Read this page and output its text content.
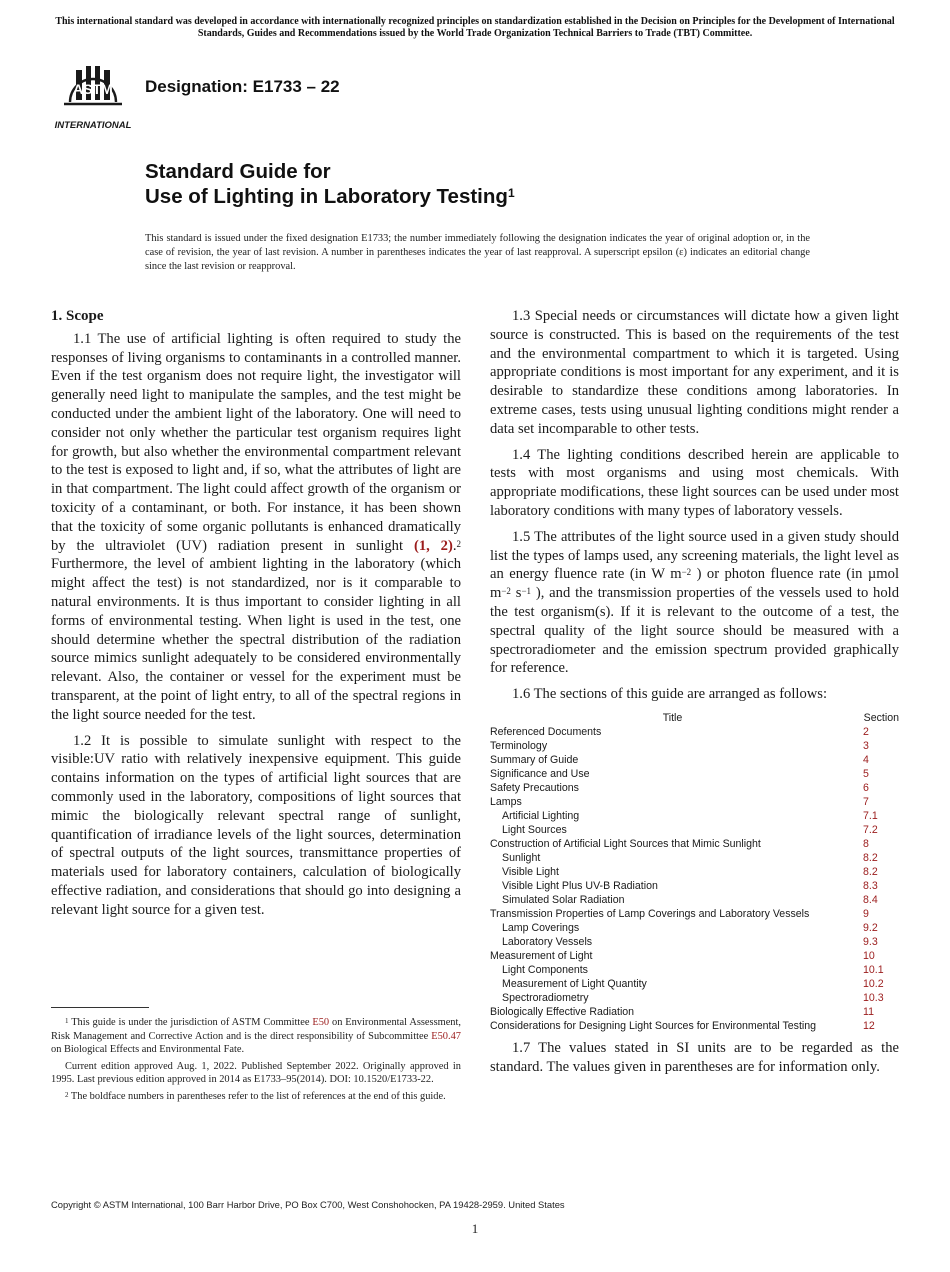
This international standard was developed in accordance with internationally recognized principles on standardization established in the Decision on Principles for the Development of International Standards, Guides and Recommendations issued by the World Trade Organization Technical Barriers to Trade (TBT) Committee.
ASTM
INTERNATIONAL
Designation: E1733 – 22
Standard Guide for
Use of Lighting in Laboratory Testing$^1$
This standard is issued under the fixed designation E1733; the number immediately following the designation indicates the year of original adoption or, in the case of revision, the year of last revision. A number in parentheses indicates the year of last reapproval. A superscript epsilon (ε) indicates an editorial change since the last revision or reapproval.
1. Scope

1.1 The use of artificial lighting is often required to study the responses of living organisms to contaminants in a controlled manner. Even if the test organism does not require light, the investigator will generally need light to manipulate the samples, and the test might be conducted under the ambient light of the laboratory. One will need to consider not only whether the particular test organism requires light for growth, but also whether the environmental compartment relevant to the test is exposed to light and, if so, what the attributes of light are in that compartment. The light could affect growth of the organism or toxicity of a contaminant, or both. For instance, it has been shown that the toxicity of some organic pollutants is enhanced dramatically by the ultraviolet (UV) radiation present in sunlight (1, 2).$^2$ Furthermore, the level of ambient lighting in the laboratory (which might affect the test) is not standardized, nor is it comparable to natural environments. It is thus important to consider lighting in all forms of environmental testing. When light is used in the test, one should determine whether the spectral distribution of the radiation source mimics sunlight adequately to be considered environmentally relevant. Also, the container or vessel for the experiment must be transparent, at the point of light entry, to all of the spectral regions in the light source needed for the test.

1.2 It is possible to simulate sunlight with respect to the visible:UV ratio with relatively inexpensive equipment. This guide contains information on the types of artificial light sources that are commonly used in the laboratory, compositions of light sources that mimic the biologically relevant spectral range of sunlight, quantification of irradiance levels of the light sources, determination of spectral outputs of the light sources, transmittance properties of materials used for laboratory containers, calculation of biologically effective radiation, and considerations that should go into designing a relevant light source for a given test.

1.3 Special needs or circumstances will dictate how a given light source is constructed. This is based on the requirements of the test and the environmental compartment to which it is targeted. Using appropriate conditions is most important for any experiment, and it is desirable to standardize these conditions among laboratories. In extreme cases, tests using unusual lighting conditions might render a data set incomparable to other tests.

1.4 The lighting conditions described herein are applicable to tests with most organisms and using most chemicals. With appropriate modifications, these light sources can be used under most laboratory conditions with many types of laboratory vessels.

1.5 The attributes of the light source used in a given study should list the types of lamps used, any screening materials, the light level as an energy fluence rate (in W $m^{-2}$ ) or photon fluence rate (in µmol $m^{-2}$ $s^{-1}$ ), and the transmission properties of the vessels used to hold the test organism(s). If it is relevant to the outcome of a test, the spectral quality of the light source should be measured with a spectroradiometer and the emission spectrum provided graphically for reference.

1.6 The sections of this guide are arranged as follows:

Title	Section
Referenced Documents	2
Terminology	3
Summary of Guide	4
Significance and Use	5
Safety Precautions	6
Lamps	7
Artificial Lighting	7.1
Light Sources	7.2
Construction of Artificial Light Sources that Mimic Sunlight	8
Sunlight	8.2
Visible Light	8.2
Visible Light Plus UV-B Radiation	8.3
Simulated Solar Radiation	8.4
Transmission Properties of Lamp Coverings and Laboratory Vessels	9
Lamp Coverings	9.2
Laboratory Vessels	9.3
Measurement of Light	10
Light Components	10.1
Measurement of Light Quantity	10.2
Spectroradiometry	10.3
Biologically Effective Radiation	11
Considerations for Designing Light Sources for Environmental Testing	12

1.7 The values stated in SI units are to be regarded as the standard. The values given in parentheses are for information only.

$^1$ This guide is under the jurisdiction of ASTM Committee E50 on Environmental Assessment, Risk Management and Corrective Action and is the direct responsibility of Subcommittee E50.47 on Biological Effects and Environmental Fate.

Current edition approved Aug. 1, 2022. Published September 2022. Originally approved in 1995. Last previous edition approved in 2014 as E1733–95(2014). DOI: 10.1520/E1733-22.

$^2$ The boldface numbers in parentheses refer to the list of references at the end of this guide.

Copyright © ASTM International, 100 Barr Harbor Drive, PO Box C700, West Conshohocken, PA 19428-2959. United States
1
